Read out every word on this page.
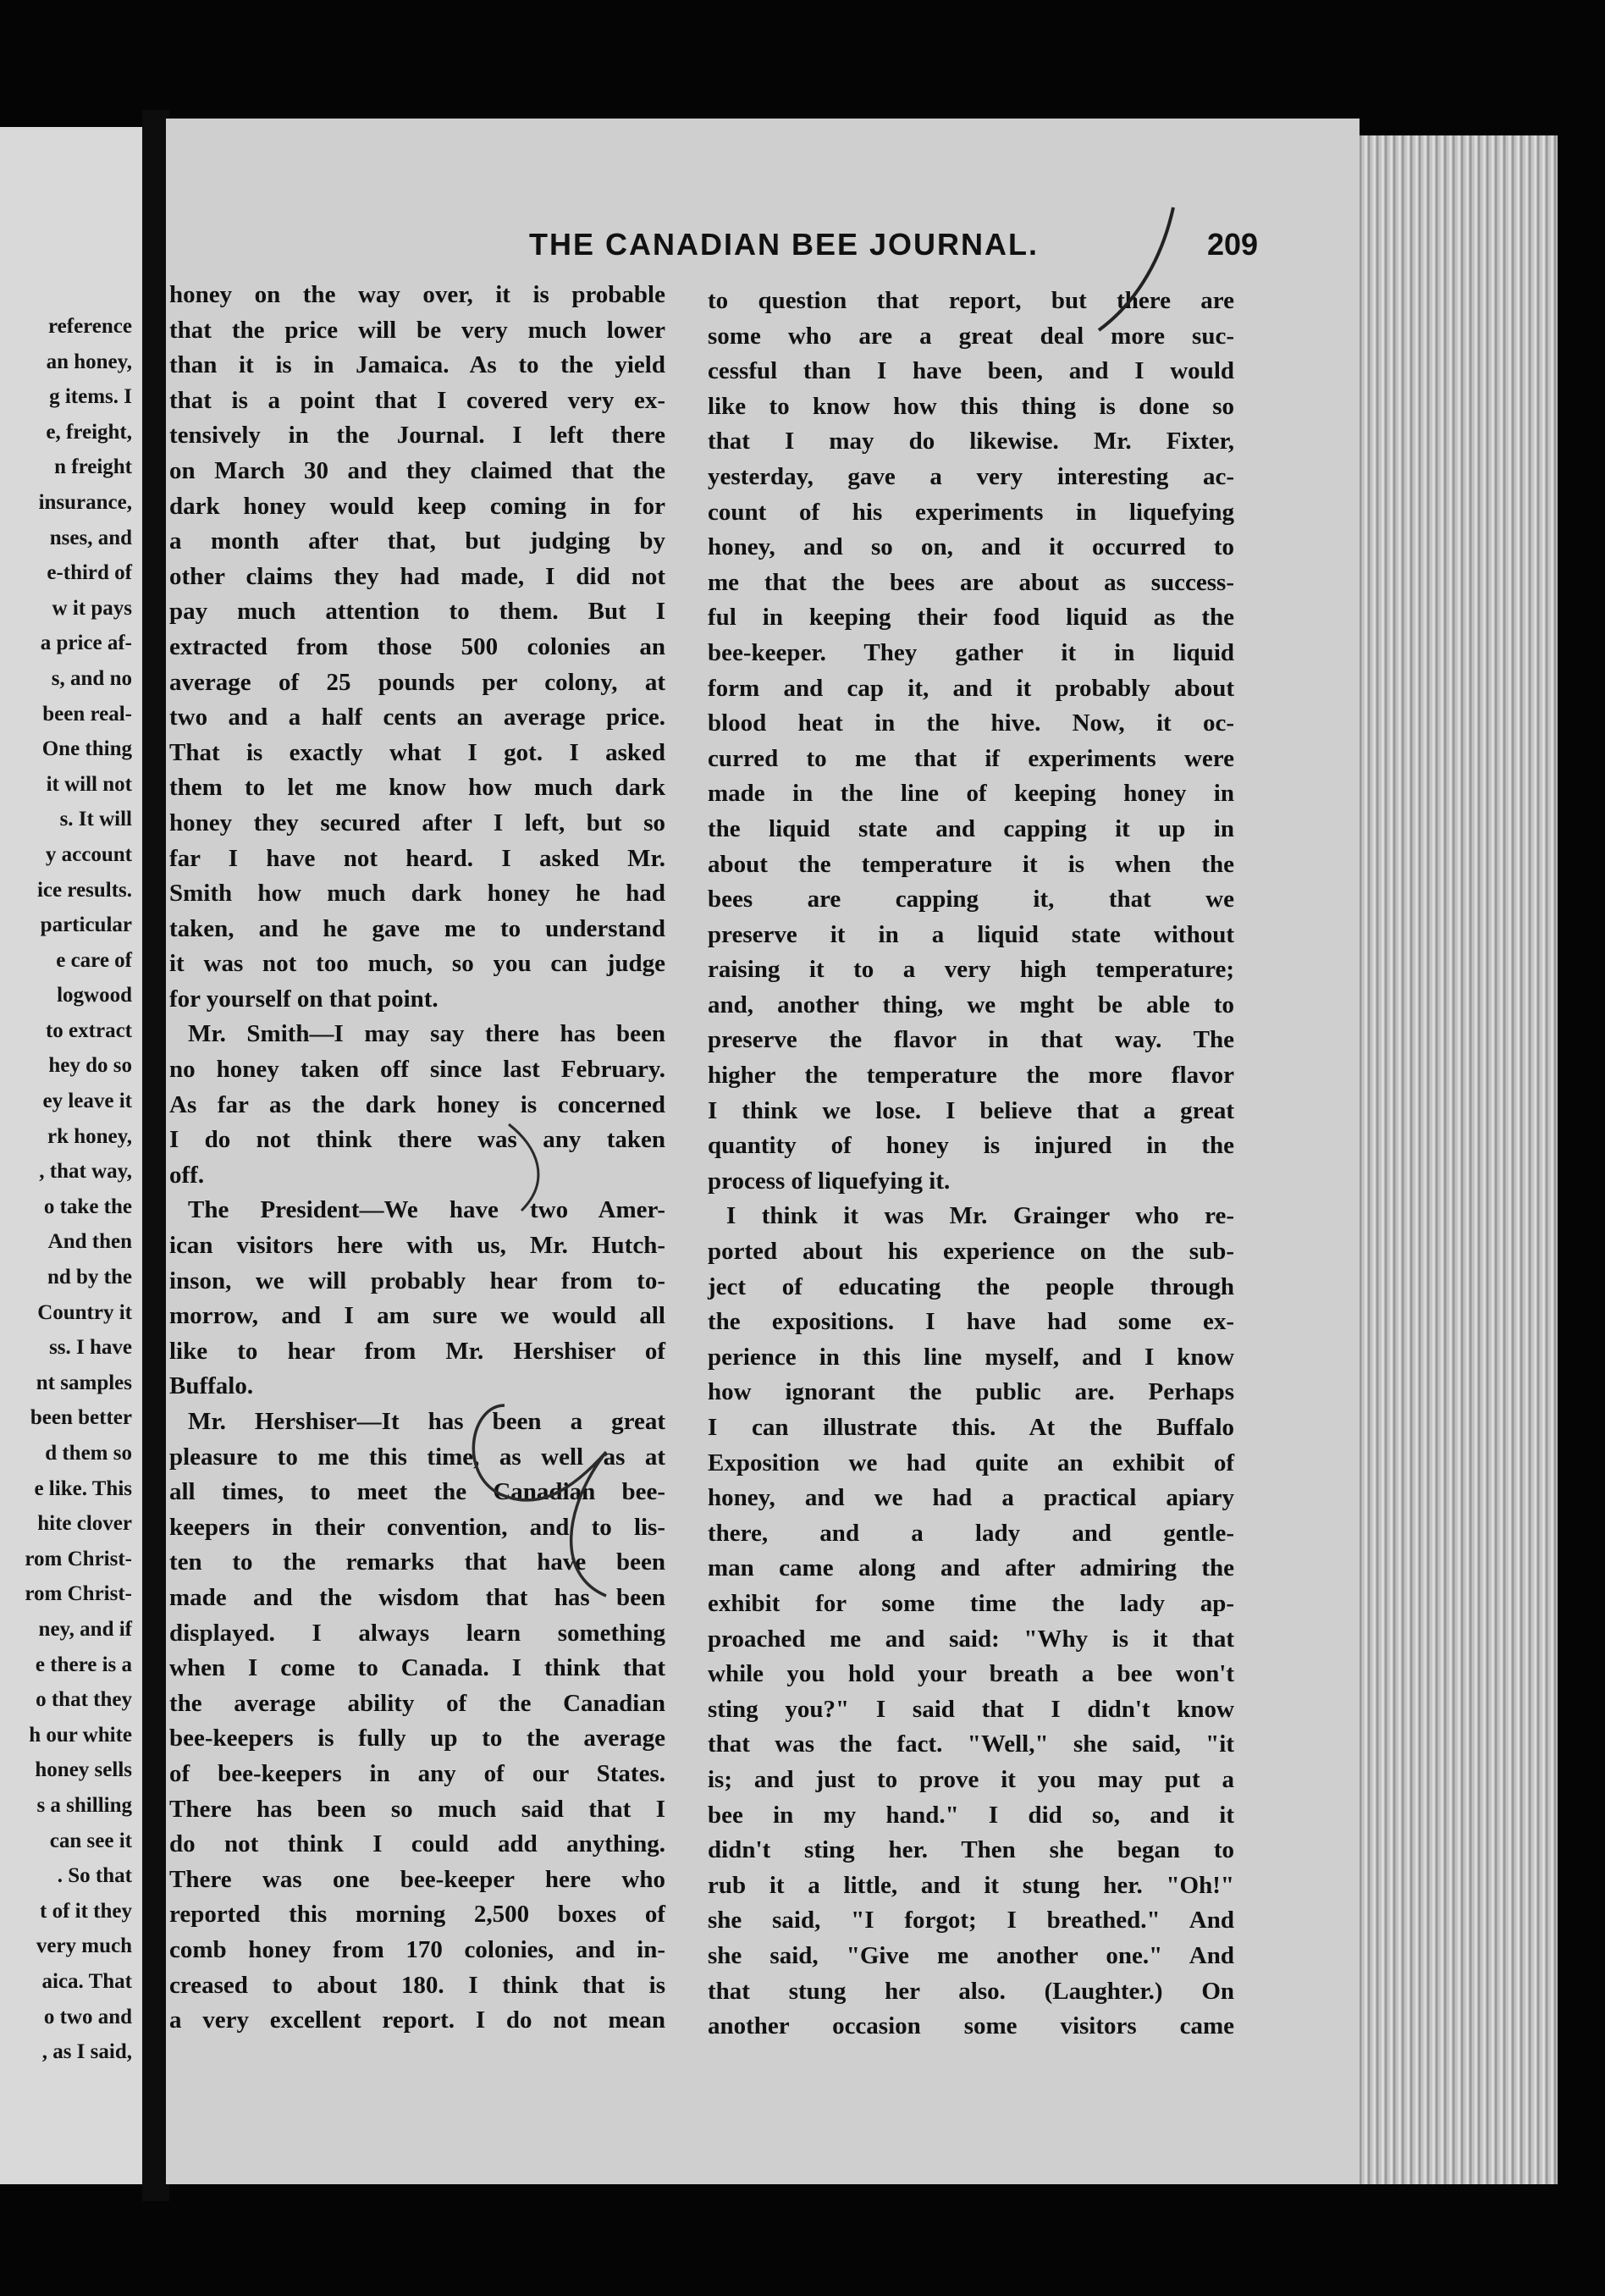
reference
an honey,
g items. I
e, freight,
n freight
insurance,
nses, and
e-third of
w it pays
a price af-
s, and no
been real-
One thing
it will not
s. It will
y account
ice results.
particular
e care of
logwood
to extract
hey do so
ey leave it
rk honey,
, that way,
o take the
And then
nd by the
Country it
ss. I have
nt samples
been better
d them so
e like. This
hite clover
rom Christ-
rom Christ-
ney, and if
e there is a
o that they
h our white
honey sells
s a shilling
can see it
. So that
t of it they
very much
aica. That
o two and
, as I said,
THE CANADIAN BEE JOURNAL.	209
honey on the way over, it is probable
that the price will be very much lower
than it is in Jamaica. As to the yield
that is a point that I covered very ex-
tensively in the Journal. I left there
on March 30 and they claimed that the
dark honey would keep coming in for
a month after that, but judging by
other claims they had made, I did not
pay much attention to them. But I
extracted from those 500 colonies an
average of 25 pounds per colony, at
two and a half cents an average price.
That is exactly what I got. I asked
them to let me know how much dark
honey they secured after I left, but so
far I have not heard. I asked Mr.
Smith how much dark honey he had
taken, and he gave me to understand
it was not too much, so you can judge
for yourself on that point.
Mr. Smith—I may say there has been
no honey taken off since last February.
As far as the dark honey is concerned
I do not think there was any taken
off.
The President—We have two Amer-
ican visitors here with us, Mr. Hutch-
inson, we will probably hear from to-
morrow, and I am sure we would all
like to hear from Mr. Hershiser of
Buffalo.
Mr. Hershiser—It has been a great
pleasure to me this time, as well as at
all times, to meet the Canadian bee-
keepers in their convention, and to lis-
ten to the remarks that have been
made and the wisdom that has been
displayed. I always learn something
when I come to Canada. I think that
the average ability of the Canadian
bee-keepers is fully up to the average
of bee-keepers in any of our States.
There has been so much said that I
do not think I could add anything.
There was one bee-keeper here who
reported this morning 2,500 boxes of
comb honey from 170 colonies, and in-
creased to about 180. I think that is
a very excellent report. I do not mean
to question that report, but there are
some who are a great deal more suc-
cessful than I have been, and I would
like to know how this thing is done so
that I may do likewise. Mr. Fixter,
yesterday, gave a very interesting ac-
count of his experiments in liquefying
honey, and so on, and it occurred to
me that the bees are about as success-
ful in keeping their food liquid as the
bee-keeper. They gather it in liquid
form and cap it, and it probably about
blood heat in the hive. Now, it oc-
curred to me that if experiments were
made in the line of keeping honey in
the liquid state and capping it up in
about the temperature it is when the
bees are capping it, that we
preserve it in a liquid state without
raising it to a very high temperature;
and, another thing, we mght be able to
preserve the flavor in that way. The
higher the temperature the more flavor
I think we lose. I believe that a great
quantity of honey is injured in the
process of liquefying it.
I think it was Mr. Grainger who re-
ported about his experience on the sub-
ject of educating the people through
the expositions. I have had some ex-
perience in this line myself, and I know
how ignorant the public are. Perhaps
I can illustrate this. At the Buffalo
Exposition we had quite an exhibit of
honey, and we had a practical apiary
there, and a lady and gentle-
man came along and after admiring the
exhibit for some time the lady ap-
proached me and said: "Why is it that
while you hold your breath a bee won't
sting you?" I said that I didn't know
that was the fact. "Well," she said, "it
is; and just to prove it you may put a
bee in my hand." I did so, and it
didn't sting her. Then she began to
rub it a little, and it stung her. "Oh!"
she said, "I forgot; I breathed." And
she said, "Give me another one." And
that stung her also. (Laughter.) On
another occasion some visitors came
